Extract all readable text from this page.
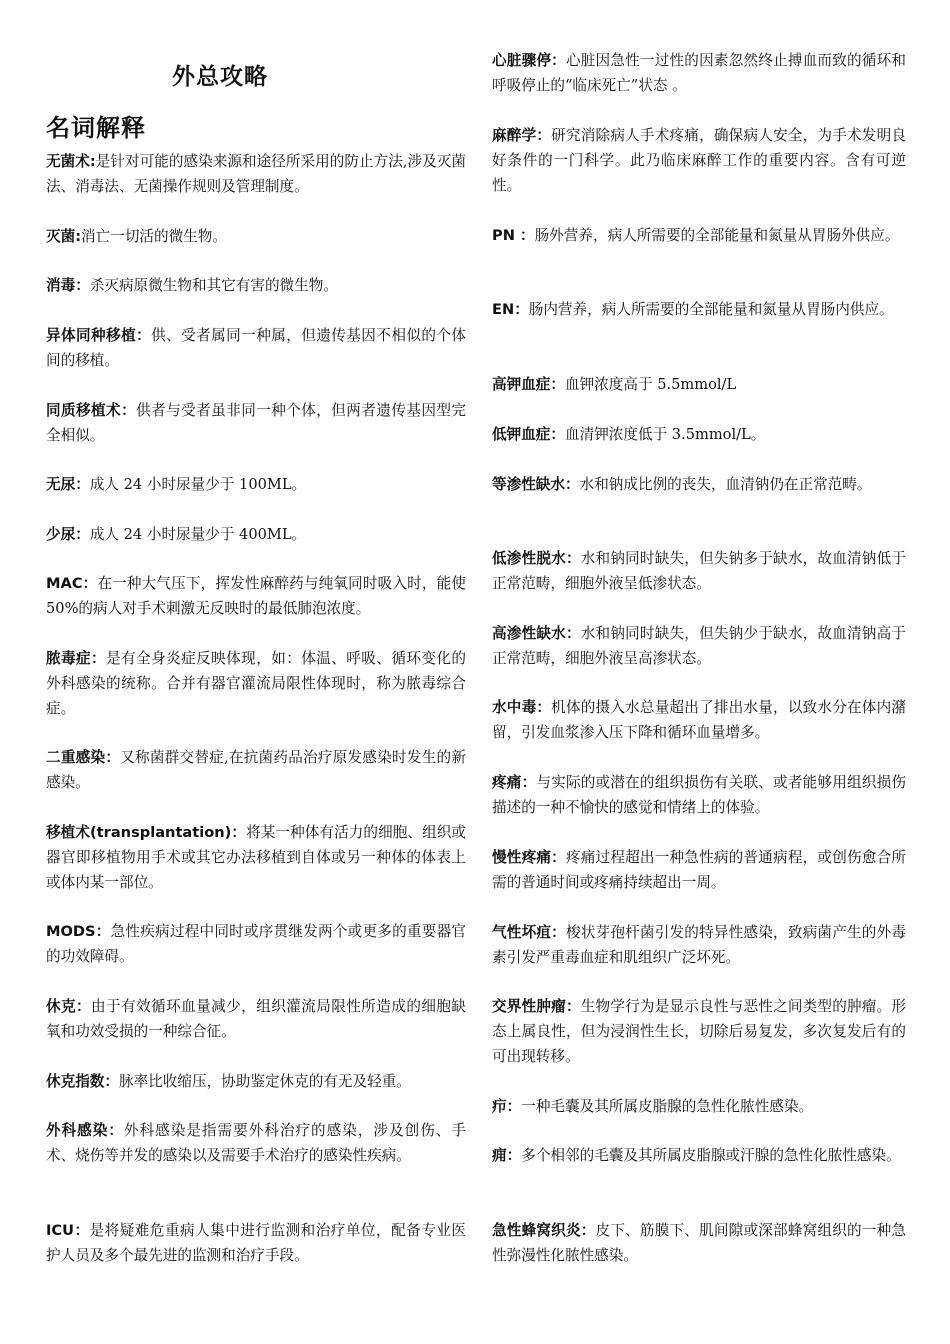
外总攻略
名词解释

无菌术:是针对可能的感染来源和途径所采用的防止方法,涉及灭菌法、消毒法、无菌操作规则及管理制度。

灭菌:消亡一切活的微生物。

消毒：杀灭病原微生物和其它有害的微生物。

异体同种移植：供、受者属同一种属，但遗传基因不相似的个体间的移植。

同质移植术：供者与受者虽非同一种个体，但两者遗传基因型完全相似。

无尿：成人 24 小时尿量少于 100ML。

少尿：成人 24 小时尿量少于 400ML。

MAC：在一种大气压下，挥发性麻醉药与纯氧同时吸入时，能使 50%的病人对手术刺激无反映时的最低肺泡浓度。

脓毒症：是有全身炎症反映体现，如：体温、呼吸、循环变化的外科感染的统称。合并有器官灌流局限性体现时，称为脓毒综合症。

二重感染：又称菌群交替症,在抗菌药品治疗原发感染时发生的新感染。

移植术(transplantation)：将某一种体有活力的细胞、组织或器官即移植物用手术或其它办法移植到自体或另一种体的体表上或体内某一部位。

MODS：急性疾病过程中同时或序贯继发两个或更多的重要器官的功效障碍。

休克：由于有效循环血量减少，组织灌流局限性所造成的细胞缺氧和功效受损的一种综合征。

休克指数：脉率比收缩压，协助鉴定休克的有无及轻重。

外科感染：外科感染是指需要外科治疗的感染，涉及创伤、手术、烧伤等并发的感染以及需要手术治疗的感染性疾病。

ICU：是将疑难危重病人集中进行监测和治疗单位，配备专业医护人员及多个最先进的监测和治疗手段。

心脏骤停：心脏因急性一过性的因素忽然终止搏血而致的循环和呼吸停止的“临床死亡”状态 。

麻醉学：研究消除病人手术疼痛，确保病人安全，为手术发明良好条件的一门科学。此乃临床麻醉工作的重要内容。含有可逆性。

PN ：肠外营养，病人所需要的全部能量和氮量从胃肠外供应。

EN：肠内营养，病人所需要的全部能量和氮量从胃肠内供应。

高钾血症：血钾浓度高于 5.5mmol/L

低钾血症：血清钾浓度低于 3.5mmol/L。

等渗性缺水：水和钠成比例的丧失，血清钠仍在正常范畴。

低渗性脱水：水和钠同时缺失，但失钠多于缺水，故血清钠低于正常范畴，细胞外液呈低渗状态。

高渗性缺水：水和钠同时缺失，但失钠少于缺水，故血清钠高于正常范畴，细胞外液呈高渗状态。

水中毒：机体的摄入水总量超出了排出水量，以致水分在体内潴留，引发血浆渗入压下降和循环血量增多。

疼痛：与实际的或潜在的组织损伤有关联、或者能够用组织损伤描述的一种不愉快的感觉和情绪上的体验。

慢性疼痛：疼痛过程超出一种急性病的普通病程，或创伤愈合所需的普通时间或疼痛持续超出一周。

气性坏疽：梭状芽孢杆菌引发的特异性感染，致病菌产生的外毒素引发严重毒血症和肌组织广泛坏死。

交界性肿瘤：生物学行为是显示良性与恶性之间类型的肿瘤。形态上属良性，但为浸润性生长，切除后易复发，多次复发后有的可出现转移。

疖：一种毛囊及其所属皮脂腺的急性化脓性感染。

痈：多个相邻的毛囊及其所属皮脂腺或汗腺的急性化脓性感染。

急性蜂窝织炎：皮下、筋膜下、肌间隙或深部蜂窝组织的一种急性弥漫性化脓性感染。
